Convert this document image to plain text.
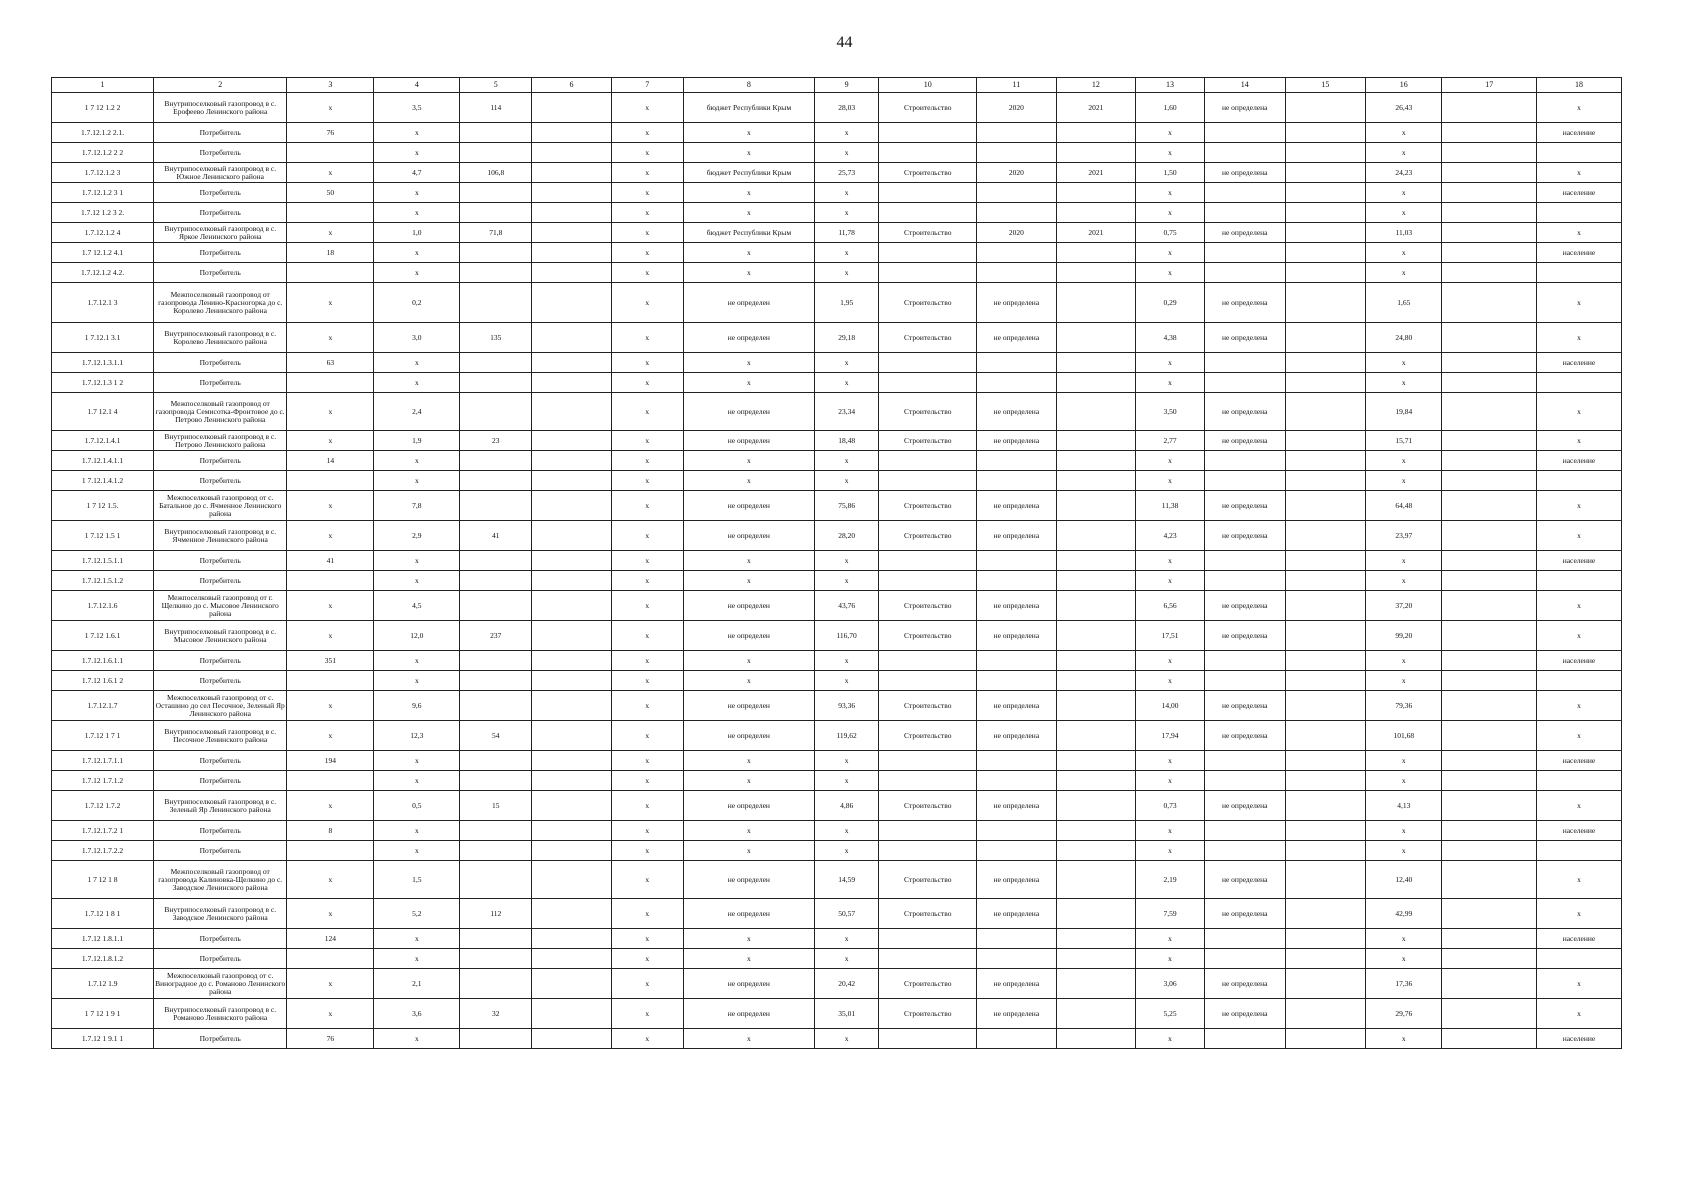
44
1	2	3	4	5	6	7	8	9	10	11	12	13	14	15	16	17	18
1 7 12 1.2 2	Внутрипоселковый газопровод в с. Ерофеево Ленинского района	x	3,5	114		x	бюджет Республики Крым	28,03	Строительство	2020	2021	1,60	не определена		26,43		x
1.7.12.1.2 2.1.	Потребитель	76	x			x	x	x				x			x		население
1.7.12.1.2 2 2	Потребитель		x			x	x	x				x			x		
1.7.12.1.2 3	Внутрипоселковый газопровод в с. Южное Ленинского района	x	4,7	106,8		x	бюджет Республики Крым	25,73	Строительство	2020	2021	1,50	не определена		24,23		x
1.7.12.1.2 3 1	Потребитель	50	x			x	x	x				x			x		население
1.7.12 1.2 3 2.	Потребитель		x			x	x	x				x			x		
1.7.12.1.2 4	Внутрипоселковый газопровод в с. Яркое Ленинского района	x	1,0	71,8		x	бюджет Республики Крым	11,78	Строительство	2020	2021	0,75	не определена		11,03		x
1.7 12.1.2 4.1	Потребитель	18	x			x	x	x				x			x		население
1.7.12.1.2 4.2.	Потребитель		x			x	x	x				x			x		
1.7.12.1 3	Межпоселковый газопровод от газопровода Ленино-Красногорка до с. Королево Ленинского района	x	0,2			x	не определен	1,95	Строительство	не определена		0,29	не определена		1,65		x
1 7.12.1 3.1	Внутрипоселковый газопровод в с. Королево Ленинского района	x	3,0	135		x	не определен	29,18	Строительство	не определена		4,38	не определена		24,80		x
1.7.12.1.3.1.1	Потребитель	63	x			x	x	x				x			x		население
1.7.12.1.3 1 2	Потребитель		x			x	x	x				x			x		
1.7 12.1 4	Межпоселковый газопровод от газопровода Семисотка-Фронтовое до с. Петрово Ленинского района	x	2,4			x	не определен	23,34	Строительство	не определена		3,50	не определена		19,84		x
1.7.12.1.4.1	Внутрипоселковый газопровод в с. Петрово Ленинского района	x	1,9	23		x	не определен	18,48	Строительство	не определена		2,77	не определена		15,71		x
1.7.12.1.4.1.1	Потребитель	14	x			x	x	x				x			x		население
1 7.12.1.4.1.2	Потребитель		x			x	x	x				x			x		
1 7 12 1.5.	Межпоселковый газопровод от с. Батальное до с. Ячменное Ленинского района	x	7,8			x	не определен	75,86	Строительство	не определена		11,38	не определена		64,48		x
1 7.12 1.5 1	Внутрипоселковый газопровод в с. Ячменное Ленинского района	x	2,9	41		x	не определен	28,20	Строительство	не определена		4,23	не определена		23,97		x
1.7.12.1.5.1.1	Потребитель	41	x			x	x	x				x			x		население
1.7.12.1.5.1.2	Потребитель		x			x	x	x				x			x		
1.7.12.1.6	Межпоселковый газопровод от г. Щелкино до с. Мысовое Ленинского района	x	4,5			x	не определен	43,76	Строительство	не определена		6,56	не определена		37,20		x
1 7.12 1.6.1	Внутрипоселковый газопровод в с. Мысовое Ленинского района	x	12,0	237		x	не определен	116,70	Строительство	не определена		17,51	не определена		99,20		x
1.7.12.1.6.1.1	Потребитель	351	x			x	x	x				x			x		население
1.7.12 1.6.1 2	Потребитель		x			x	x	x				x			x		
1.7.12.1.7	Межпоселковый газопровод от с. Осташино до сел Песочное, Зеленый Яр Ленинского района	x	9,6			x	не определен	93,36	Строительство	не определена		14,00	не определена		79,36		x
1.7.12 1 7 1	Внутрипоселковый газопровод в с. Песочное Ленинского района	x	12,3	54		x	не определен	119,62	Строительство	не определена		17,94	не определена		101,68		x
1.7.12.1.7.1.1	Потребитель	194	x			x	x	x				x			x		население
1.7.12 1.7.1.2	Потребитель		x			x	x	x				x			x		
1.7.12 1.7.2	Внутрипоселковый газопровод в с. Зеленый Яр Ленинского района	x	0,5	15		x	не определен	4,86	Строительство	не определена		0,73	не определена		4,13		x
1.7.12.1.7.2 1	Потребитель	8	x			x	x	x				x			x		население
1.7.12.1.7.2.2	Потребитель		x			x	x	x				x			x		
1 7 12 1 8	Межпоселковый газопровод от газопровода Калиновка-Щелкино до с. Заводское Ленинского района	x	1,5			x	не определен	14,59	Строительство	не определена		2,19	не определена		12,40		x
1.7.12 1 8 1	Внутрипоселковый газопровод в с. Заводское Ленинского района	x	5,2	112		x	не определен	50,57	Строительство	не определена		7,59	не определена		42,99		x
1.7.12 1.8.1.1	Потребитель	124	x			x	x	x				x			x		население
1.7.12.1.8.1.2	Потребитель		x			x	x	x				x			x		
1.7.12 1.9	Межпоселковый газопровод от с. Виноградное до с. Романово Ленинского района	x	2,1			x	не определен	20,42	Строительство	не определена		3,06	не определена		17,36		x
1 7 12 1 9 1	Внутрипоселковый газопровод в с. Романово Ленинского района	x	3,6	32		x	не определен	35,01	Строительство	не определена		5,25	не определена		29,76		x
1.7.12 1 9.1 1	Потребитель	76	x			x	x	x				x			x		население
